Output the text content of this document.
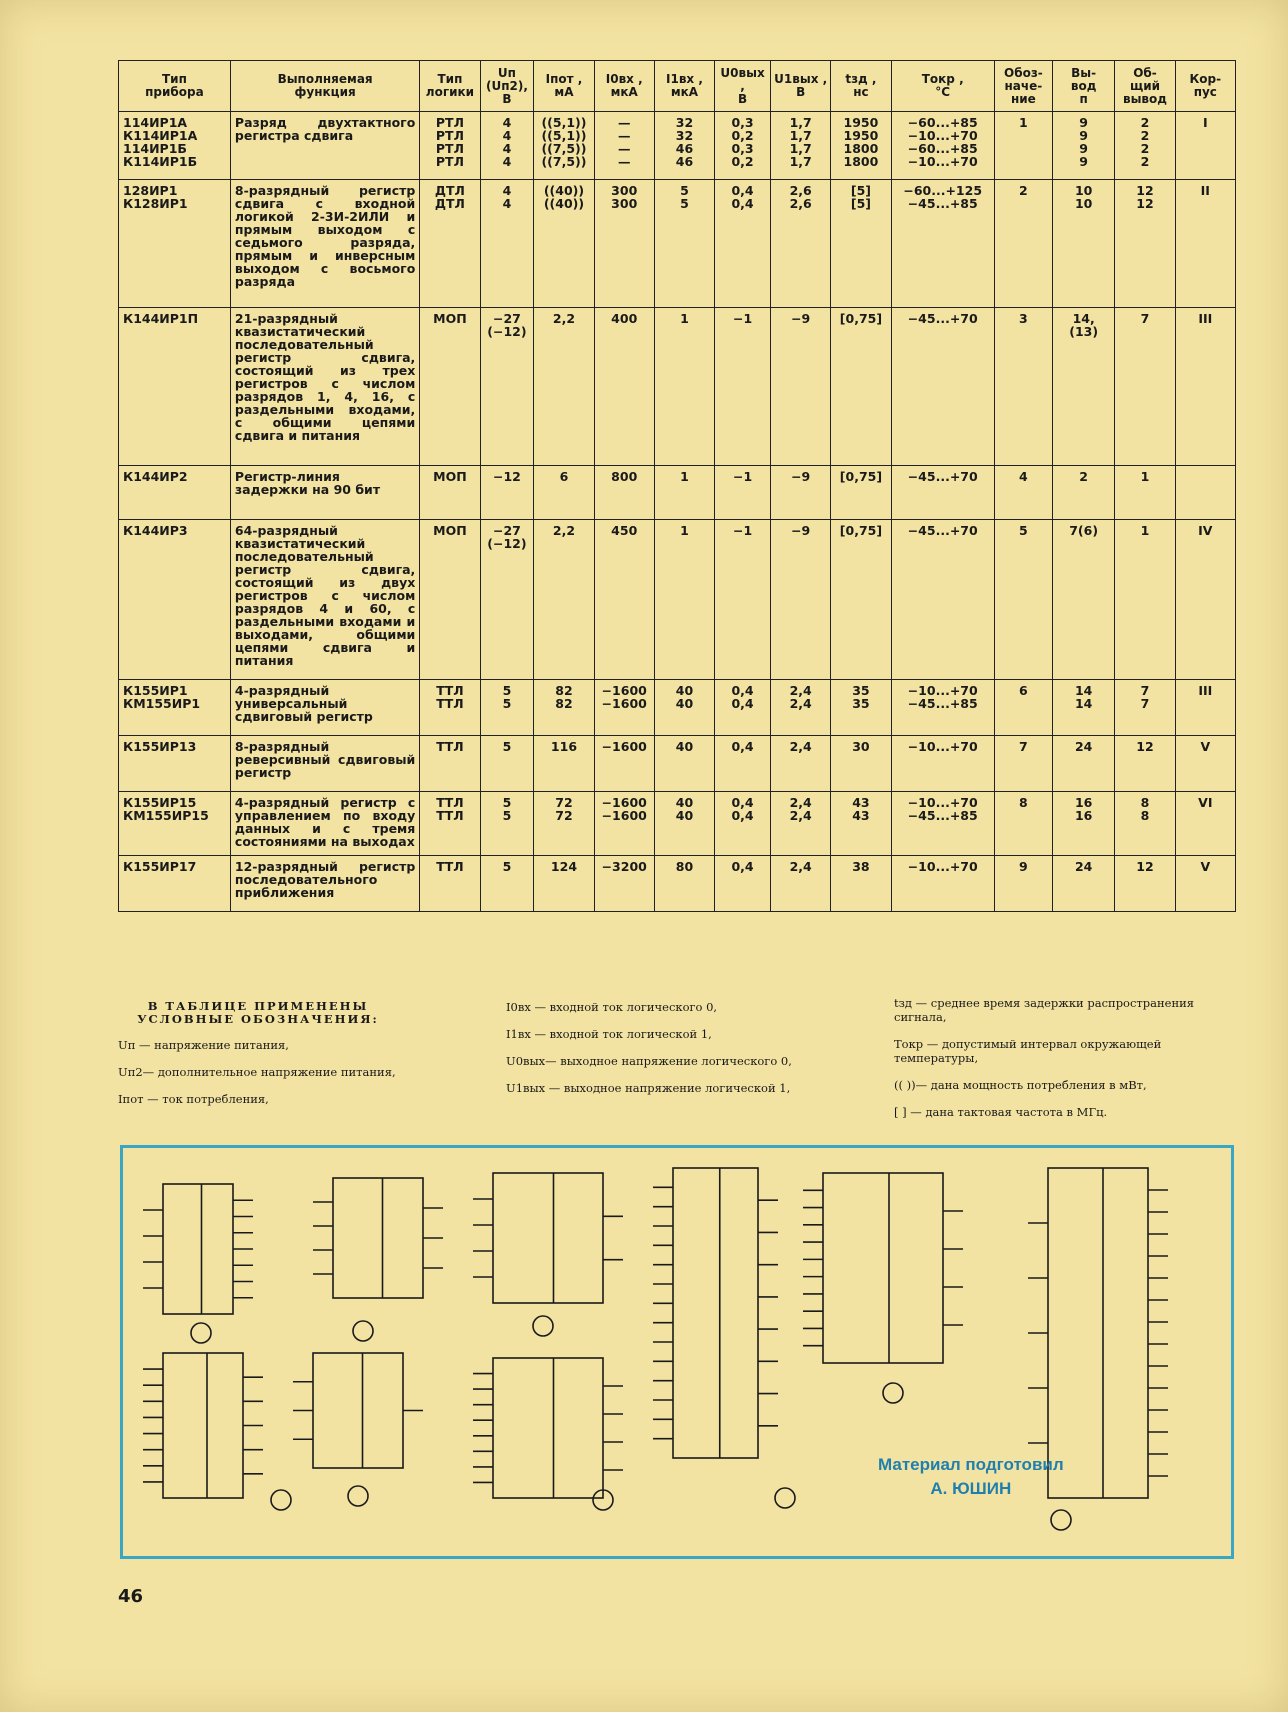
Тип
прибора	Выполняемая
функция	Тип
логики	Uп
(Uп2),
В	Iпот ,
мА	I0вх ,
мкА	I1вх ,
мкА	U0вых ,
В	U1вых ,
В	tзд ,
нс	Tокр ,
°С	Обоз-
наче-
ние	Вы-
вод
п	Об-
щий
вывод	Кор-
пус
114ИР1А
К114ИР1А
114ИР1Б
К114ИР1Б	Разряд двухтактного регистра сдвига	РТЛ
РТЛ
РТЛ
РТЛ	4
4
4
4	((5,1))
((5,1))
((7,5))
((7,5))	—
—
—
—	32
32
46
46	0,3
0,2
0,3
0,2	1,7
1,7
1,7
1,7	1950
1950
1800
1800	−60...+85
−10...+70
−60...+85
−10...+70	1	9
9
9
9	2
2
2
2	I
128ИР1
К128ИР1	8-разрядный регистр сдвига с входной логикой 2-3И-2ИЛИ и прямым выходом с седьмого разряда, прямым и инверсным выходом с восьмого разряда	ДТЛ
ДТЛ	4
4	((40))
((40))	300
300	5
5	0,4
0,4	2,6
2,6	[5]
[5]	−60...+125
−45...+85	2	10
10	12
12	II
К144ИР1П	21-разрядный квазистатический последовательный регистр сдвига, состоящий из трех регистров с числом разрядов 1, 4, 16, с раздельными входами, с общими цепями сдвига и питания	МОП	−27
(−12)	2,2	400	1	−1	−9	[0,75]	−45...+70	3	14,
(13)	7	III
К144ИР2	Регистр-линия задержки на 90 бит	МОП	−12	6	800	1	−1	−9	[0,75]	−45...+70	4	2	1	
К144ИР3	64-разрядный квазистатический последовательный регистр сдвига, состоящий из двух регистров с числом разрядов 4 и 60, с раздельными входами и выходами, общими цепями сдвига и питания	МОП	−27
(−12)	2,2	450	1	−1	−9	[0,75]	−45...+70	5	7(6)	1	IV
К155ИР1
КМ155ИР1	4-разрядный универсальный сдвиговый регистр	ТТЛ
ТТЛ	5
5	82
82	−1600
−1600	40
40	0,4
0,4	2,4
2,4	35
35	−10...+70
−45...+85	6	14
14	7
7	III
К155ИР13	8-разрядный реверсивный сдвиговый регистр	ТТЛ	5	116	−1600	40	0,4	2,4	30	−10...+70	7	24	12	V
К155ИР15
КМ155ИР15	4-разрядный регистр с управлением по входу данных и с тремя состояниями на выходах	ТТЛ
ТТЛ	5
5	72
72	−1600
−1600	40
40	0,4
0,4	2,4
2,4	43
43	−10...+70
−45...+85	8	16
16	8
8	VI
К155ИР17	12-разрядный регистр последовательного приближения	ТТЛ	5	124	−3200	80	0,4	2,4	38	−10...+70	9	24	12	V
В ТАБЛИЦЕ ПРИМЕНЕНЫ
УСЛОВНЫЕ ОБОЗНАЧЕНИЯ:
Uп — напряжение питания,
Uп2— дополнительное напряжение питания,
Iпот — ток потребления,
I0вх — входной ток логического 0,
I1вх — входной ток логической 1,
U0вых— выходное напряжение логического 0,
U1вых — выходное напряжение логической 1,
tзд — среднее время задержки распространения сигнала,
Tокр — допустимый интервал окружающей температуры,
(( ))— дана мощность потребления в мВт,
[ ] — дана тактовая частота в МГц.
Материал подготовил
А. ЮШИН
46
